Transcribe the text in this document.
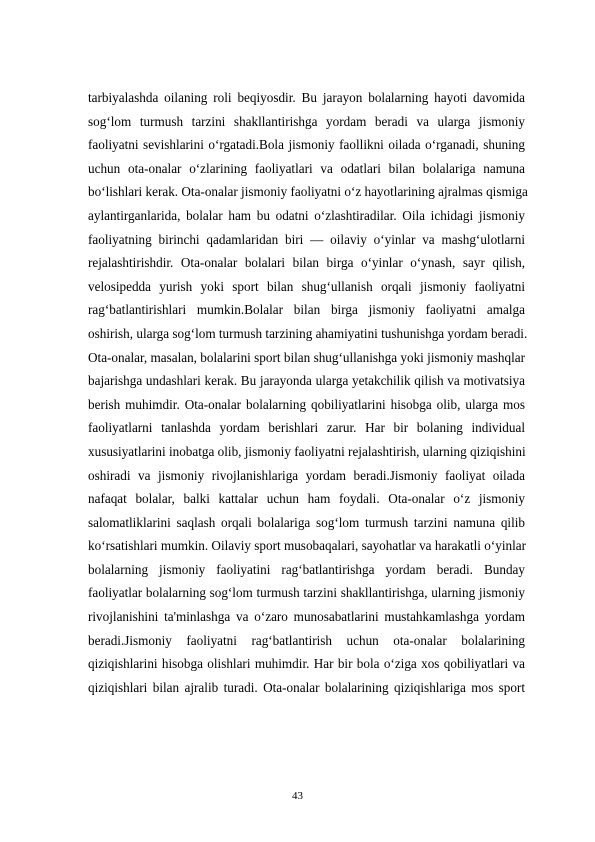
tarbiyalashda oilaning roli beqiyosdir. Bu jarayon bolalarning hayoti davomida
sog‘lom turmush tarzini shakllantirishga yordam beradi va ularga jismoniy
faoliyatni sevishlarini o‘rgatadi.Bola jismoniy faollikni oilada o‘rganadi, shuning
uchun ota-onalar o‘zlarining faoliyatlari va odatlari bilan bolalariga namuna
bo‘lishlari kerak. Ota-onalar jismoniy faoliyatni o‘z hayotlarining ajralmas qismiga
aylantirganlarida, bolalar ham bu odatni o‘zlashtiradilar. Oila ichidagi jismoniy
faoliyatning birinchi qadamlaridan biri — oilaviy o‘yinlar va mashg‘ulotlarni
rejalashtirishdir. Ota-onalar bolalari bilan birga o‘yinlar o‘ynash, sayr qilish,
velosipedda yurish yoki sport bilan shug‘ullanish orqali jismoniy faoliyatni
rag‘batlantirishlari mumkin.Bolalar bilan birga jismoniy faoliyatni amalga
oshirish, ularga sog‘lom turmush tarzining ahamiyatini tushunishga yordam beradi.
Ota-onalar, masalan, bolalarini sport bilan shug‘ullanishga yoki jismoniy mashqlar
bajarishga undashlari kerak. Bu jarayonda ularga yetakchilik qilish va motivatsiya
berish muhimdir. Ota-onalar bolalarning qobiliyatlarini hisobga olib, ularga mos
faoliyatlarni tanlashda yordam berishlari zarur. Har bir bolaning individual
xususiyatlarini inobatga olib, jismoniy faoliyatni rejalashtirish, ularning qiziqishini
oshiradi va jismoniy rivojlanishlariga yordam beradi.Jismoniy faoliyat oilada
nafaqat bolalar, balki kattalar uchun ham foydali. Ota-onalar o‘z jismoniy
salomatliklarini saqlash orqali bolalariga sog‘lom turmush tarzini namuna qilib
ko‘rsatishlari mumkin. Oilaviy sport musobaqalari, sayohatlar va harakatli o‘yinlar
bolalarning jismoniy faoliyatini rag‘batlantirishga yordam beradi. Bunday
faoliyatlar bolalarning sog‘lom turmush tarzini shakllantirishga, ularning jismoniy
rivojlanishini ta'minlashga va o‘zaro munosabatlarini mustahkamlashga yordam
beradi.Jismoniy faoliyatni rag‘batlantirish uchun ota-onalar bolalarining
qiziqishlarini hisobga olishlari muhimdir. Har bir bola o‘ziga xos qobiliyatlari va
qiziqishlari bilan ajralib turadi. Ota-onalar bolalarining qiziqishlariga mos sport
43
